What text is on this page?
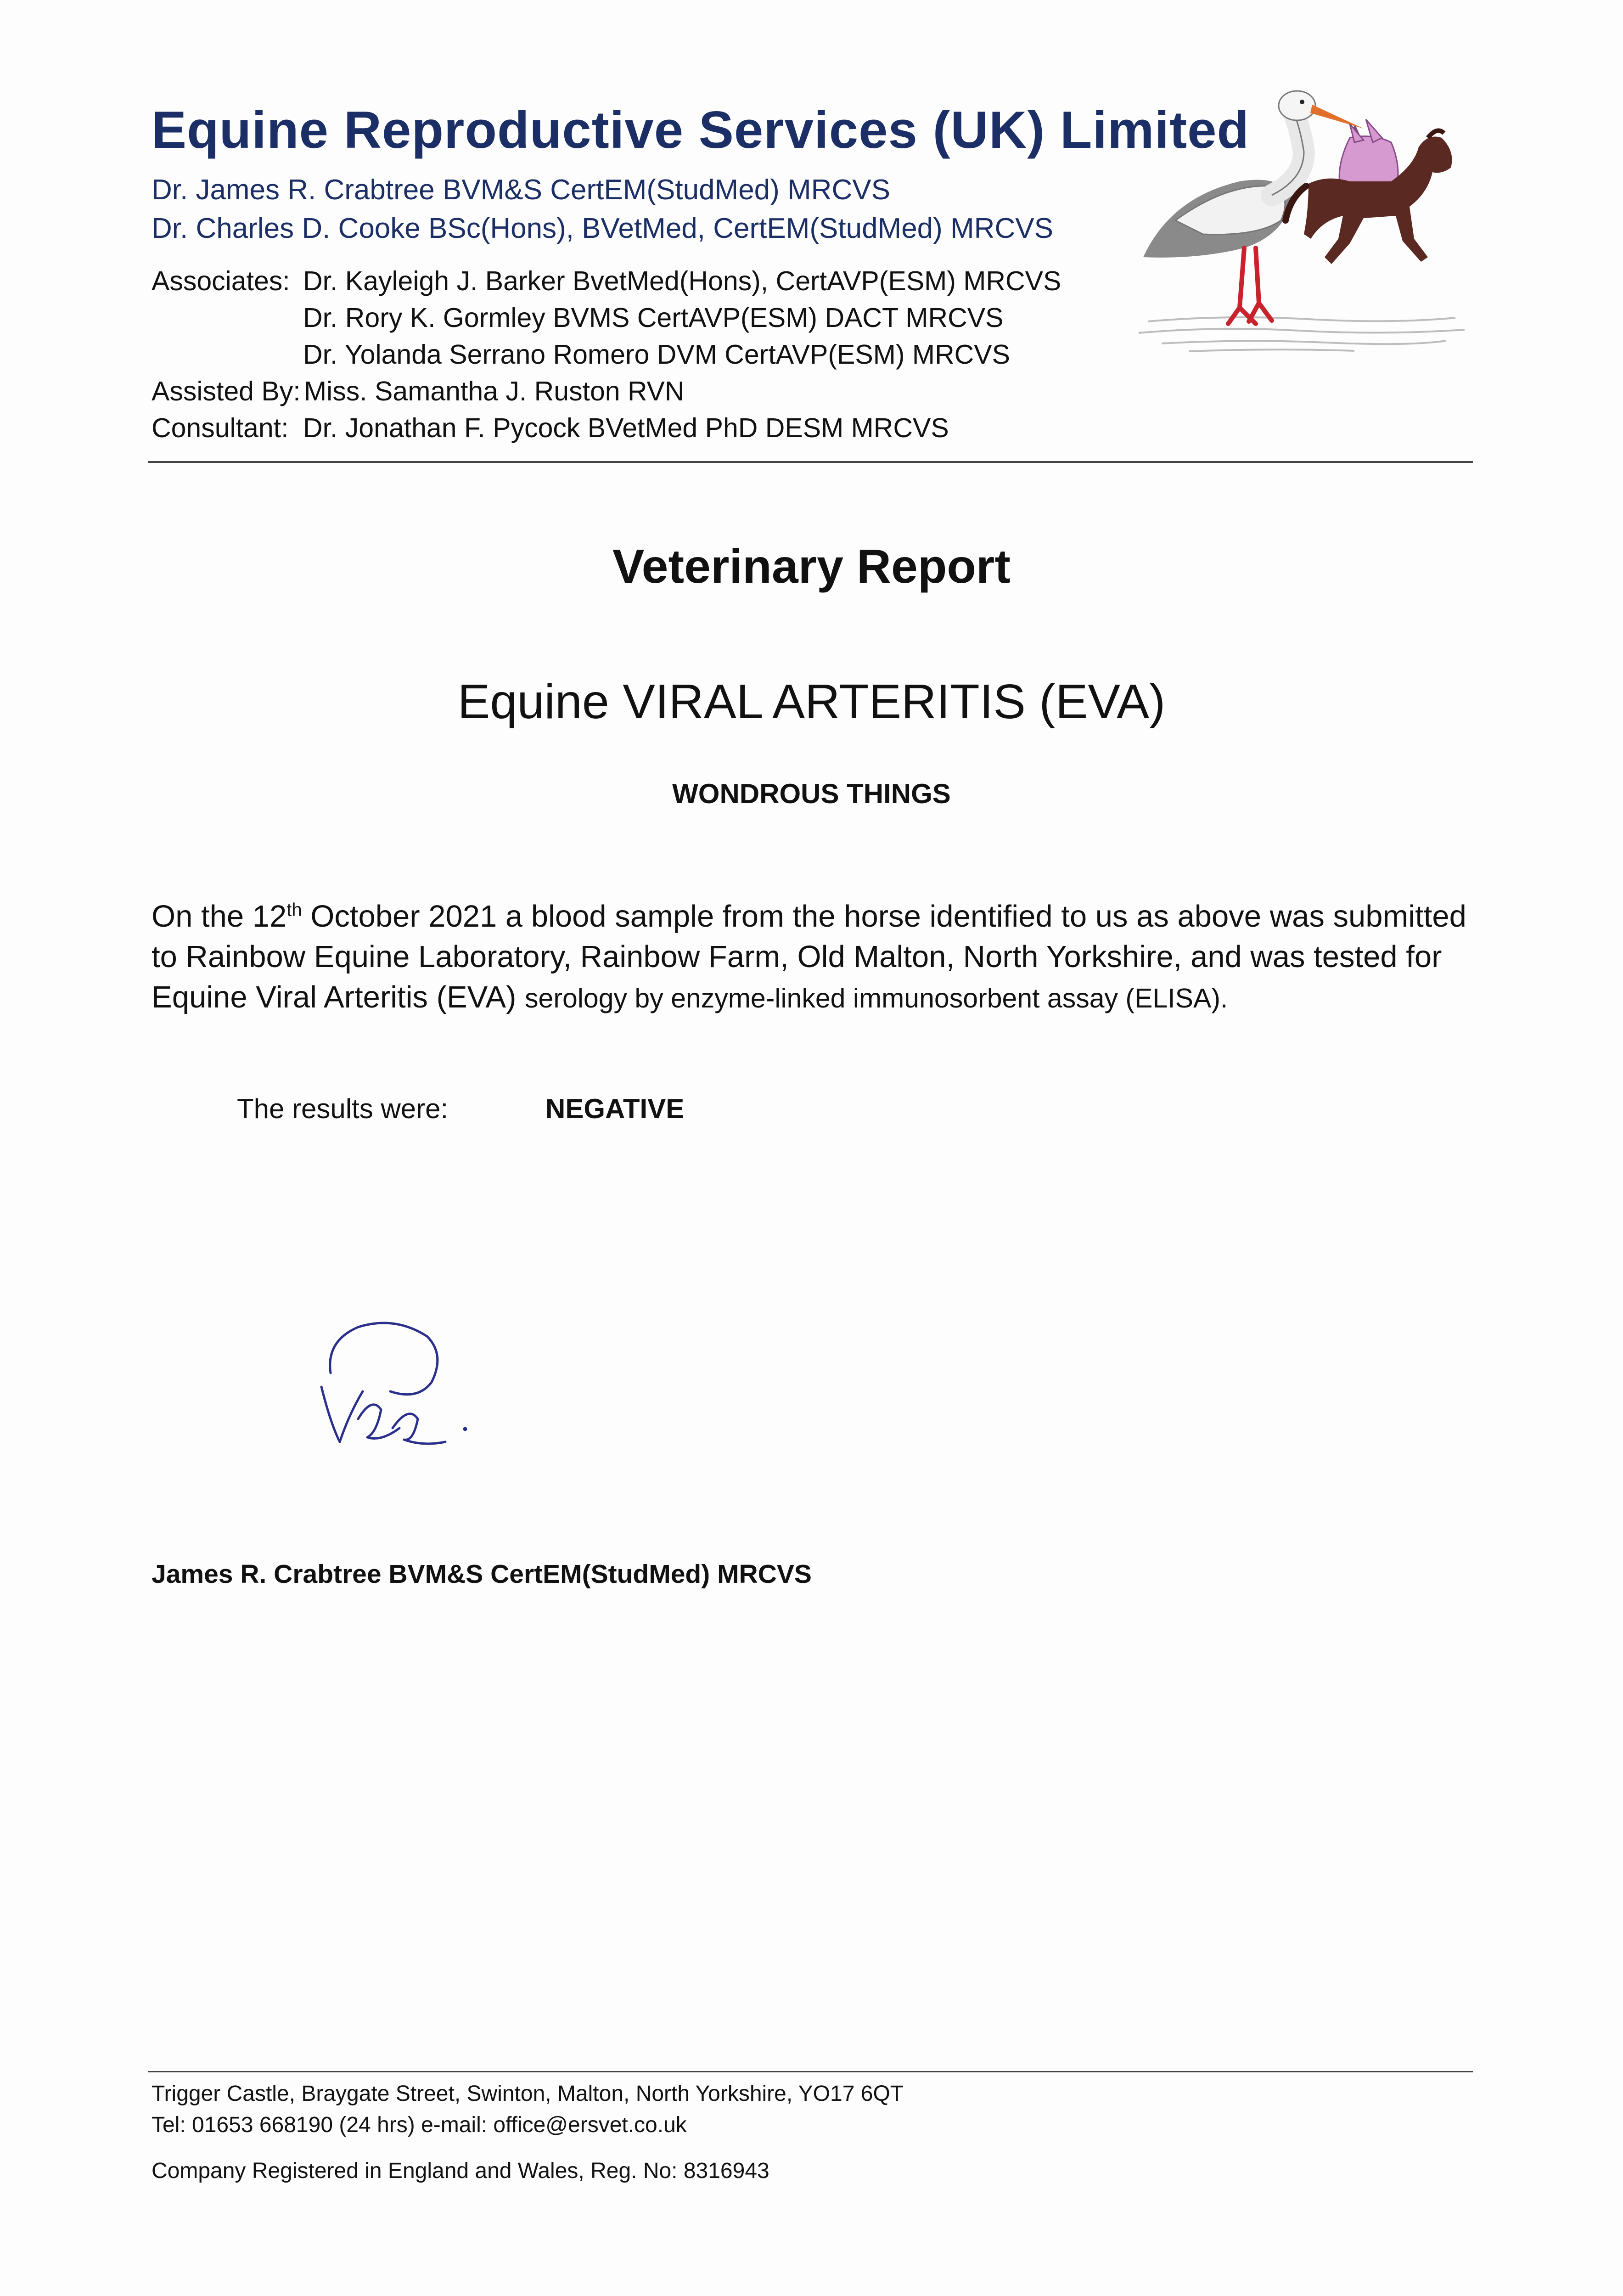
Equine Reproductive Services (UK) Limited
Dr. James R. Crabtree BVM&S CertEM(StudMed) MRCVS
Dr. Charles D. Cooke BSc(Hons), BVetMed, CertEM(StudMed) MRCVS
Associates: Dr. Kayleigh J. Barker BvetMed(Hons), CertAVP(ESM) MRCVS
Dr. Rory K. Gormley BVMS CertAVP(ESM) DACT MRCVS
Dr. Yolanda Serrano Romero DVM CertAVP(ESM) MRCVS
Assisted By: Miss. Samantha J. Ruston RVN
Consultant: Dr. Jonathan F. Pycock BVetMed PhD DESM MRCVS
Veterinary Report
Equine VIRAL ARTERITIS (EVA)
WONDROUS THINGS
On the 12th October 2021 a blood sample from the horse identified to us as above was submitted to Rainbow Equine Laboratory, Rainbow Farm, Old Malton, North Yorkshire, and was tested for Equine Viral Arteritis (EVA) serology by enzyme-linked immunosorbent assay (ELISA).
The results were:	NEGATIVE
James R. Crabtree BVM&S CertEM(StudMed) MRCVS
Trigger Castle, Braygate Street, Swinton, Malton, North Yorkshire, YO17 6QT
Tel: 01653 668190 (24 hrs) e-mail: office@ersvet.co.uk
Company Registered in England and Wales, Reg. No: 8316943
